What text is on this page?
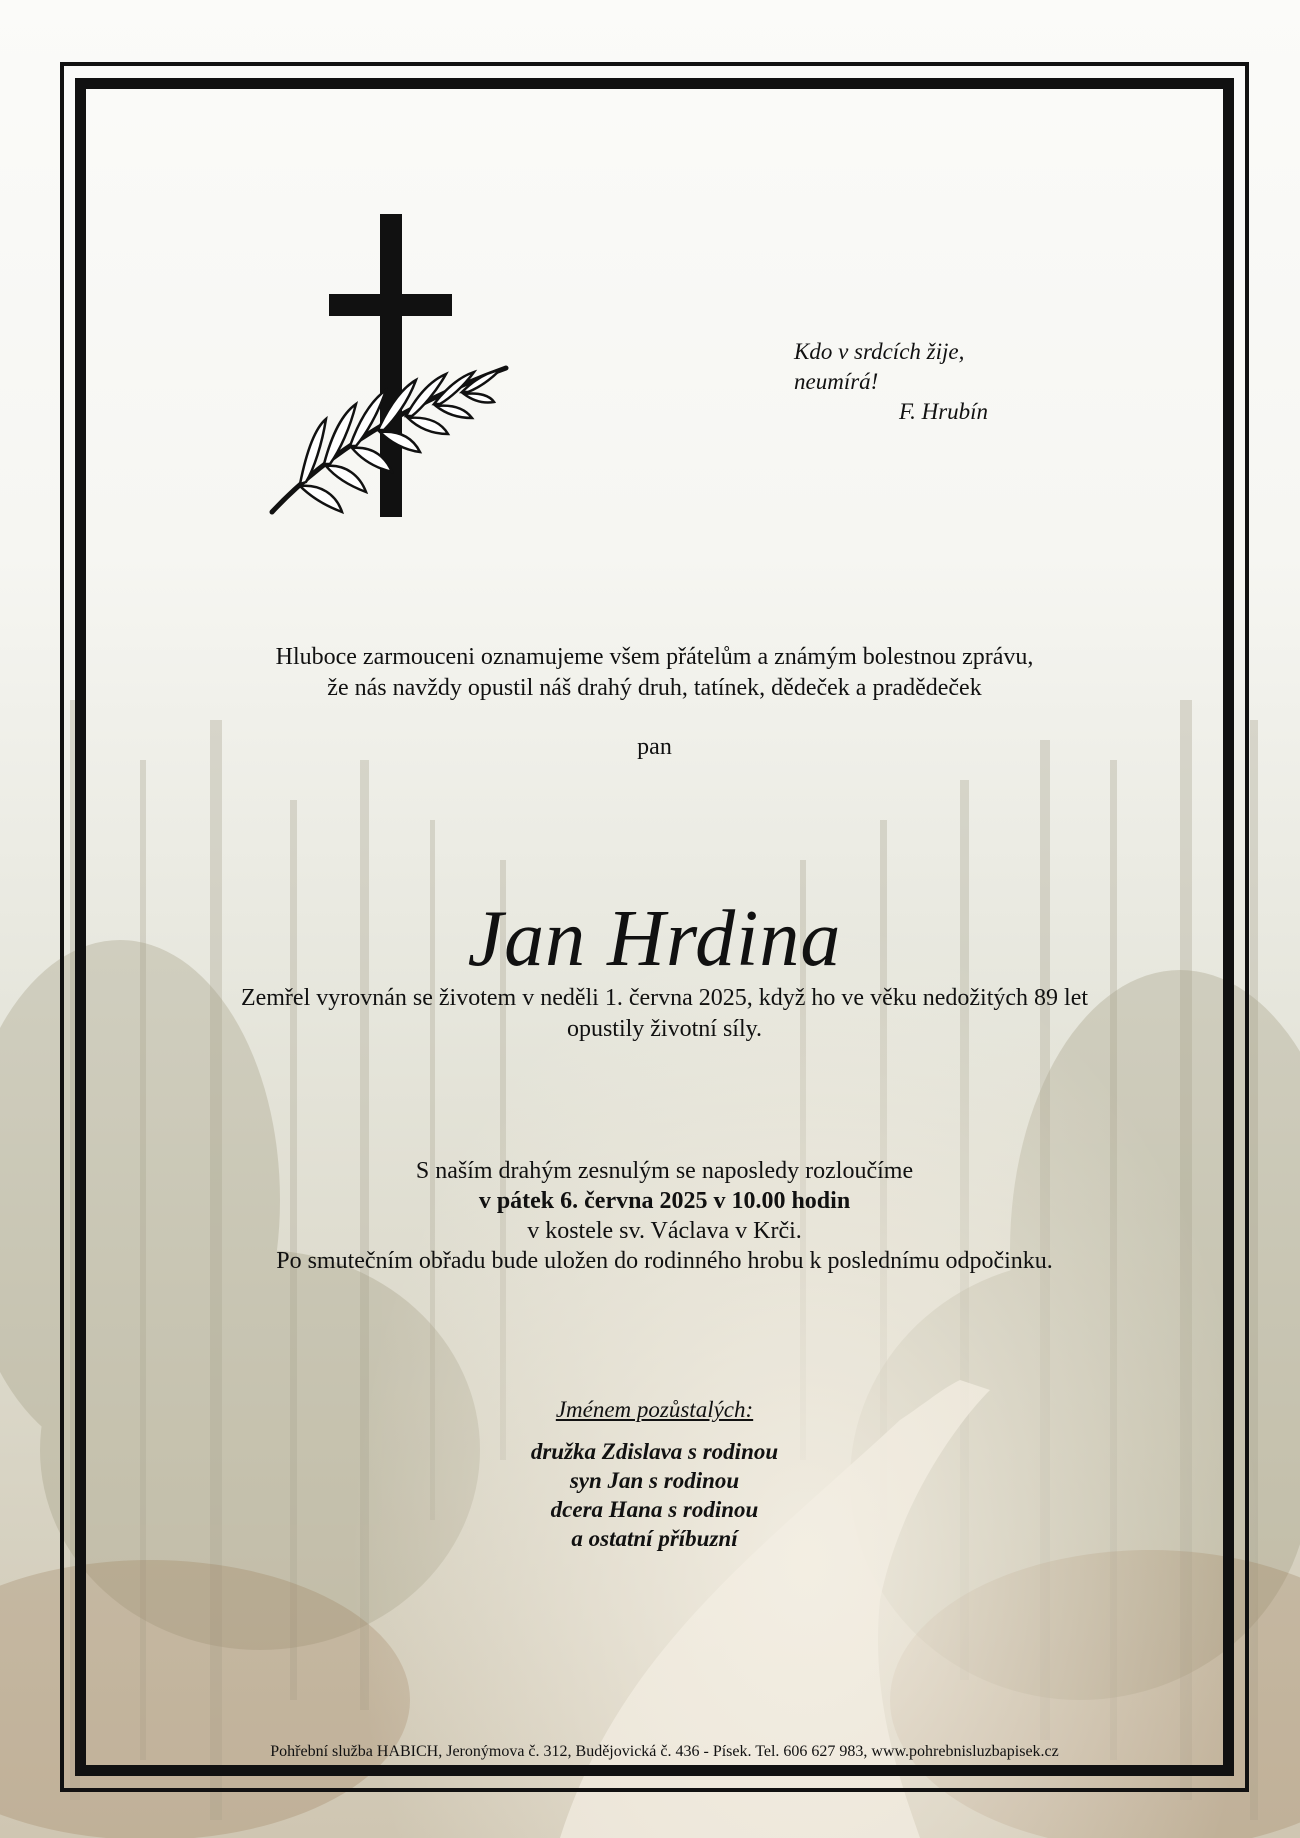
Kdo v srdcích žije,
neumírá!
F. Hrubín
Hluboce zarmouceni oznamujeme všem přátelům a známým bolestnou zprávu,
že nás navždy opustil náš drahý druh, tatínek, dědeček a pradědeček
pan
Jan Hrdina
Zemřel vyrovnán se životem v neděli 1. června 2025, když ho ve věku nedožitých 89 let
opustily životní síly.
S naším drahým zesnulým se naposledy rozloučíme
v pátek 6. června 2025 v 10.00 hodin
v kostele sv. Václava v Krči.
Po smutečním obřadu bude uložen do rodinného hrobu k poslednímu odpočinku.
Jménem pozůstalých:
družka Zdislava s rodinou
syn Jan s rodinou
dcera Hana s rodinou
a ostatní příbuzní
Pohřební služba HABICH, Jeronýmova č. 312, Budějovická č. 436 - Písek. Tel. 606 627 983, www.pohrebnisluzbapisek.cz
